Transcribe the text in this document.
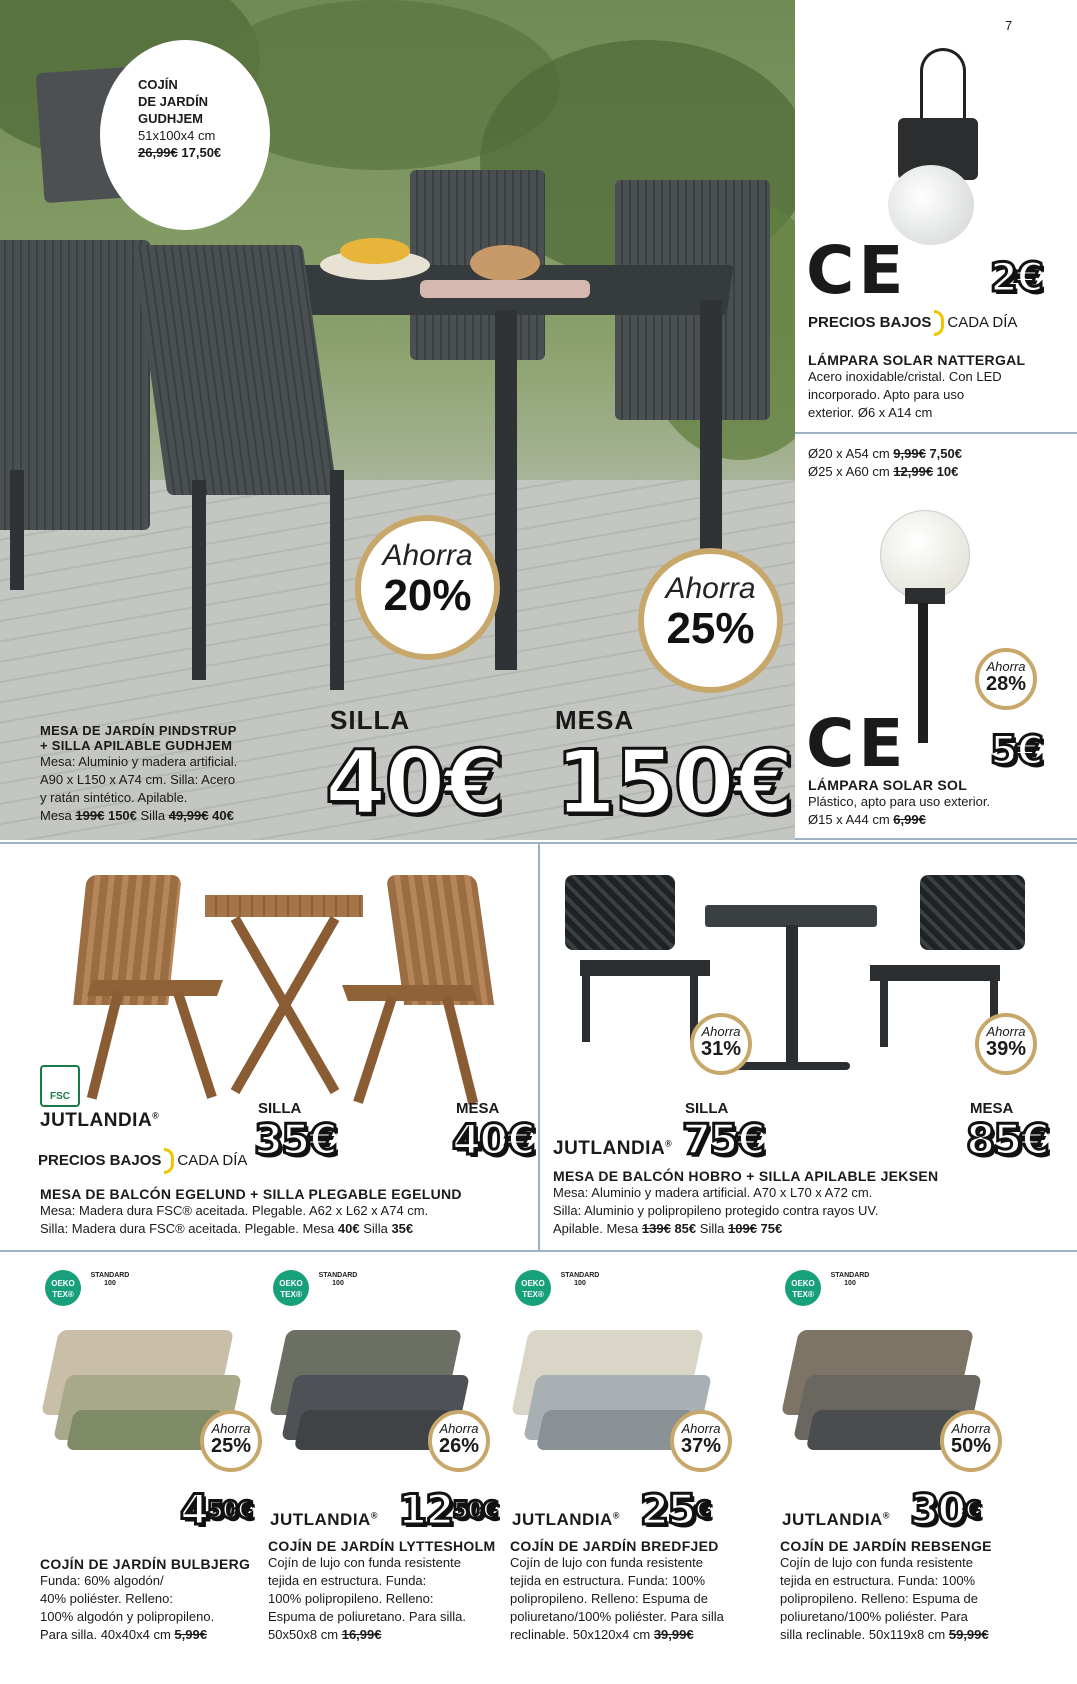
COJÍN
DE JARDÍN
GUDHJEM
51x100x4 cm
26,99€ 17,50€
Ahorra
20%	Ahorra
25%
SILLA
40€
MESA
150€
MESA DE JARDÍN PINDSTRUP
+ SILLA APILABLE GUDHJEM
Mesa: Aluminio y madera artificial.
A90 x L150 x A74 cm. Silla: Acero
y ratán sintético. Apilable.
Mesa 199€ 150€ Silla 49,99€ 40€
7
CE 2€
PRECIOS BAJOS CADA DÍA
LÁMPARA SOLAR NATTERGAL
Acero inoxidable/cristal. Con LED
incorporado. Apto para uso
exterior. Ø6 x A14 cm
Ø20 x A54 cm 9,99€ 7,50€
Ø25 x A60 cm 12,99€ 10€
Ahorra
28%
CE 5€
LÁMPARA SOLAR SOL
Plástico, apto para uso exterior.
Ø15 x A44 cm 6,99€
FSC
JUTLANDIA®
PRECIOS BAJOS CADA DÍA
SILLA
35€
MESA
40€
MESA DE BALCÓN EGELUND + SILLA PLEGABLE EGELUND
Mesa: Madera dura FSC® aceitada. Plegable. A62 x L62 x A74 cm.
Silla: Madera dura FSC® aceitada. Plegable. Mesa 40€ Silla 35€
Ahorra
31%
Ahorra
39%
JUTLANDIA®
SILLA
75€
MESA
85€
MESA DE BALCÓN HOBRO + SILLA APILABLE JEKSEN
Mesa: Aluminio y madera artificial. A70 x L70 x A72 cm.
Silla: Aluminio y polipropileno protegido contra rayos UV.
Apilable. Mesa 139€ 85€ Silla 109€ 75€
OEKO TEX®
STANDARD 100
Ahorra
25%
$4^{50€}$
COJÍN DE JARDÍN BULBJERG
Funda: 60% algodón/
40% poliéster. Relleno:
100% algodón y polipropileno.
Para silla. 40x40x4 cm 5,99€
OEKO TEX®
STANDARD 100
Ahorra
26%
JUTLANDIA® $12^{50€}$
COJÍN DE JARDÍN LYTTESHOLM
Cojín de lujo con funda resistente
tejida en estructura. Funda:
100% polipropileno. Relleno:
Espuma de poliuretano. Para silla.
50x50x8 cm 16,99€
OEKO TEX®
STANDARD 100
Ahorra
37%
JUTLANDIA® 25€
COJÍN DE JARDÍN BREDFJED
Cojín de lujo con funda resistente
tejida en estructura. Funda: 100%
polipropileno. Relleno: Espuma de
poliuretano/100% poliéster. Para silla
reclinable. 50x120x4 cm 39,99€
OEKO TEX®
STANDARD 100
Ahorra
50%
JUTLANDIA® 30€
COJÍN DE JARDÍN REBSENGE
Cojín de lujo con funda resistente
tejida en estructura. Funda: 100%
polipropileno. Relleno: Espuma de
poliuretano/100% poliéster. Para
silla reclinable. 50x119x8 cm 59,99€
